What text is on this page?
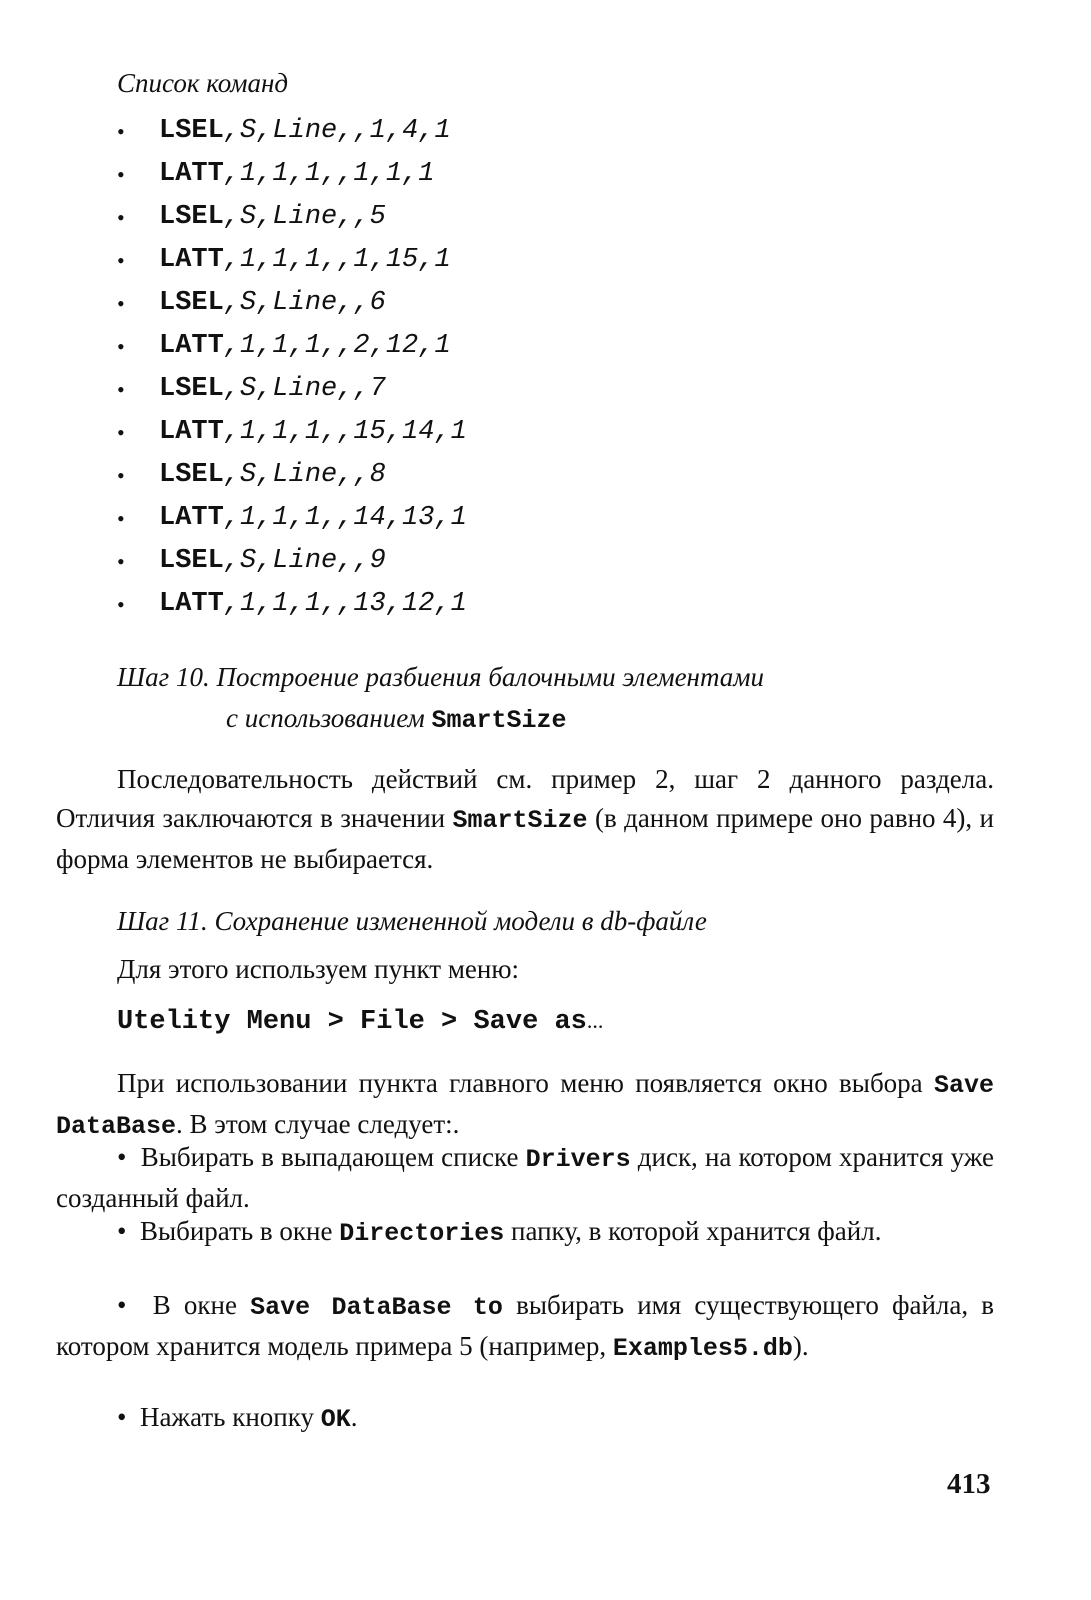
Список команд
• LSEL,S,Line,,1,4,1
• LATT,1,1,1,,1,1,1
• LSEL,S,Line,,5
• LATT,1,1,1,,1,15,1
• LSEL,S,Line,,6
• LATT,1,1,1,,2,12,1
• LSEL,S,Line,,7
• LATT,1,1,1,,15,14,1
• LSEL,S,Line,,8
• LATT,1,1,1,,14,13,1
• LSEL,S,Line,,9
• LATT,1,1,1,,13,12,1
Шаг 10. Построение разбиения балочными элементами
с использованием SmartSize
Последовательность действий см. пример 2, шаг 2 данного раздела. Отличия заключаются в значении SmartSize (в данном примере оно равно 4), и форма элементов не выбирается.
Шаг 11. Сохранение измененной модели в db-файле
Для этого используем пункт меню:
Utelity Menu > File > Save as...
При использовании пункта главного меню появляется окно выбора Save DataBase. В этом случае следует:.
•  Выбирать в выпадающем списке Drivers диск, на котором хранится уже созданный файл.
•  Выбирать в окне Directories папку, в которой хранится файл.
•  В окне Save DataBase to выбирать имя существующего файла, в котором хранится модель примера 5 (например, Examples5.db).
•  Нажать кнопку OK.
413
